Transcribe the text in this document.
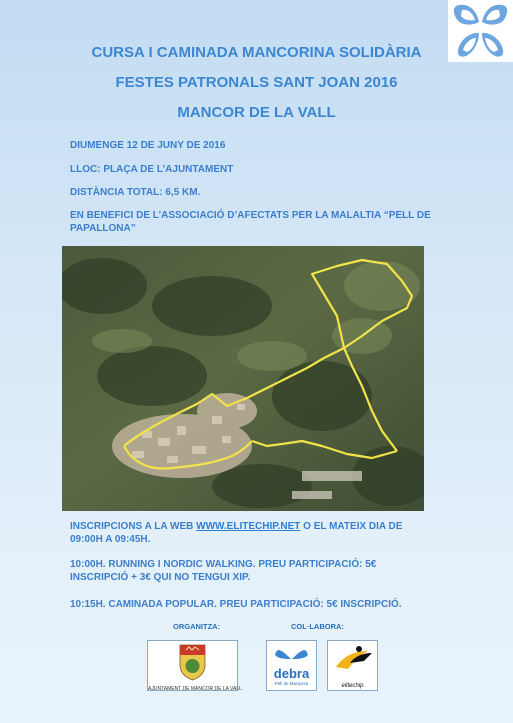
CURSA I CAMINADA MANCORINA SOLIDÀRIA
FESTES PATRONALS SANT JOAN 2016
MANCOR DE LA VALL
DIUMENGE 12 DE JUNY DE 2016
LLOC: PLAÇA DE L’AJUNTAMENT
DISTÀNCIA TOTAL: 6,5 KM.
EN BENEFICI DE L’ASSOCIACIÓ D’AFECTATS PER LA MALALTIA “PELL DE PAPALLONA”
INSCRIPCIONS A LA WEB WWW.ELITECHIP.NET O EL MATEIX DIA DE 09:00H A 09:45H.
10:00H. RUNNING I NORDIC WALKING. PREU PARTICIPACIÓ: 5€ INSCRIPCIÓ + 3€ QUI NO TENGUI XIP.
10:15H. CAMINADA POPULAR. PREU PARTICIPACIÓ: 5€ INSCRIPCIÓ.
ORGANITZA:	COL·LABORA:
AJUNTAMENT DE MANCOR DE LA VALL
debra
Pell de Mariposa	elitechip
